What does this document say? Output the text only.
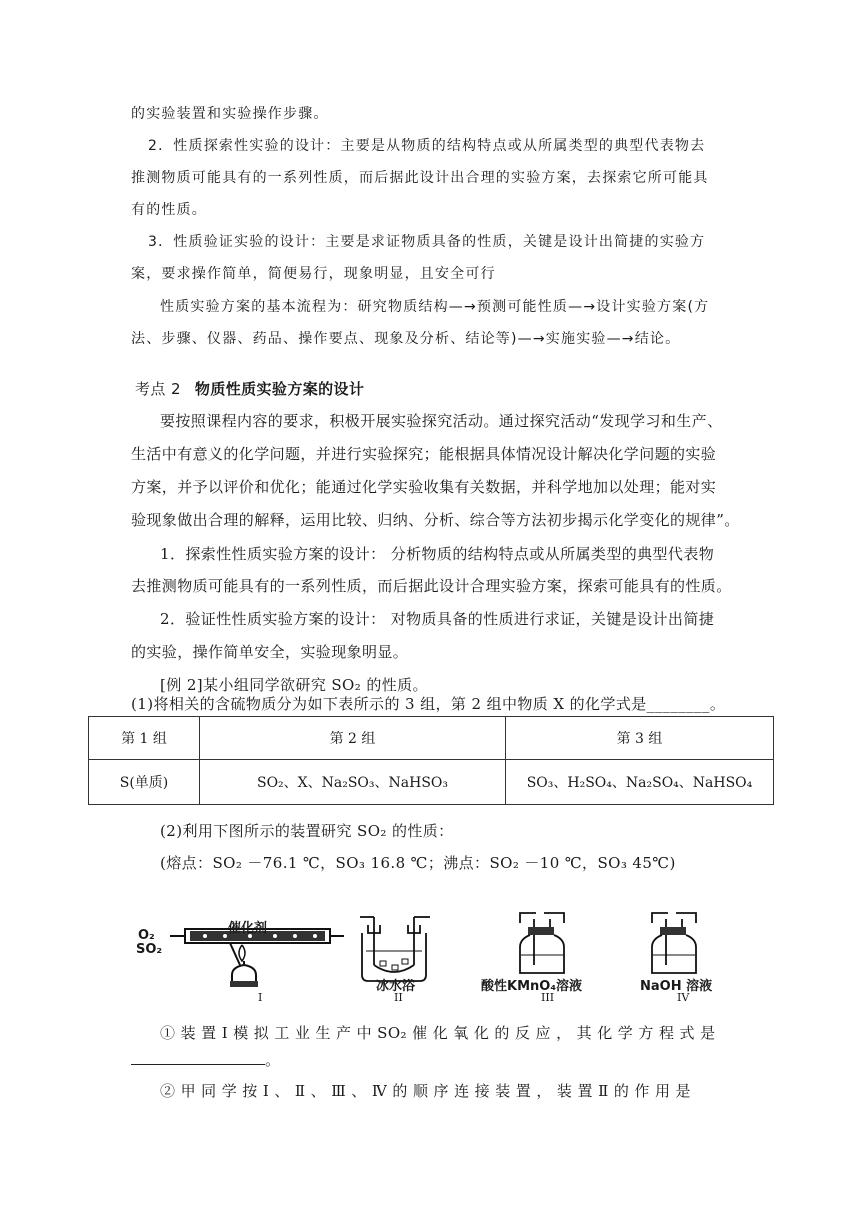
的实验装置和实验操作步骤。
2．性质探索性实验的设计：主要是从物质的结构特点或从所属类型的典型代表物去
推测物质可能具有的一系列性质，而后据此设计出合理的实验方案，去探索它所可能具
有的性质。
3．性质验证实验的设计：主要是求证物质具备的性质，关键是设计出简捷的实验方
案，要求操作简单，简便易行，现象明显，且安全可行
性质实验方案的基本流程为：研究物质结构—→预测可能性质—→设计实验方案(方
法、步骤、仪器、药品、操作要点、现象及分析、结论等)—→实施实验—→结论。
考点 2 物质性质实验方案的设计
要按照课程内容的要求，积极开展实验探究活动。通过探究活动“发现学习和生产、
生活中有意义的化学问题，并进行实验探究；能根据具体情况设计解决化学问题的实验
方案，并予以评价和优化；能通过化学实验收集有关数据，并科学地加以处理；能对实
验现象做出合理的解释，运用比较、归纳、分析、综合等方法初步揭示化学变化的规律”。
1．探索性性质实验方案的设计： 分析物质的结构特点或从所属类型的典型代表物
去推测物质可能具有的一系列性质，而后据此设计合理实验方案，探索可能具有的性质。
2．验证性性质实验方案的设计： 对物质具备的性质进行求证，关键是设计出简捷
的实验，操作简单安全，实验现象明显。
[例 2]某小组同学欲研究 SO₂ 的性质。
(1)将相关的含硫物质分为如下表所示的 3 组，第 2 组中物质 X 的化学式是________。
第 1 组	第 2 组	第 3 组
S(单质)	SO₂、X、Na₂SO₃、NaHSO₃	SO₃、H₂SO₄、Na₂SO₄、NaHSO₄
(2)利用下图所示的装置研究 SO₂ 的性质：
(熔点：SO₂ －76.1 ℃，SO₃ 16.8 ℃；沸点：SO₂ －10 ℃，SO₃ 45℃)
O₂
SO₂
催化剂
冰水浴	酸性KMnO₄溶液	NaOH 溶液
I	II	III	IV
① 装 置 Ⅰ 模 拟 工 业 生 产 中 SO₂ 催 化 氧 化 的 反 应 ， 其 化 学 方 程 式 是
。
② 甲 同 学 按 Ⅰ 、 Ⅱ 、 Ⅲ 、 Ⅳ 的 顺 序 连 接 装 置 ， 装 置 Ⅱ 的 作 用 是
